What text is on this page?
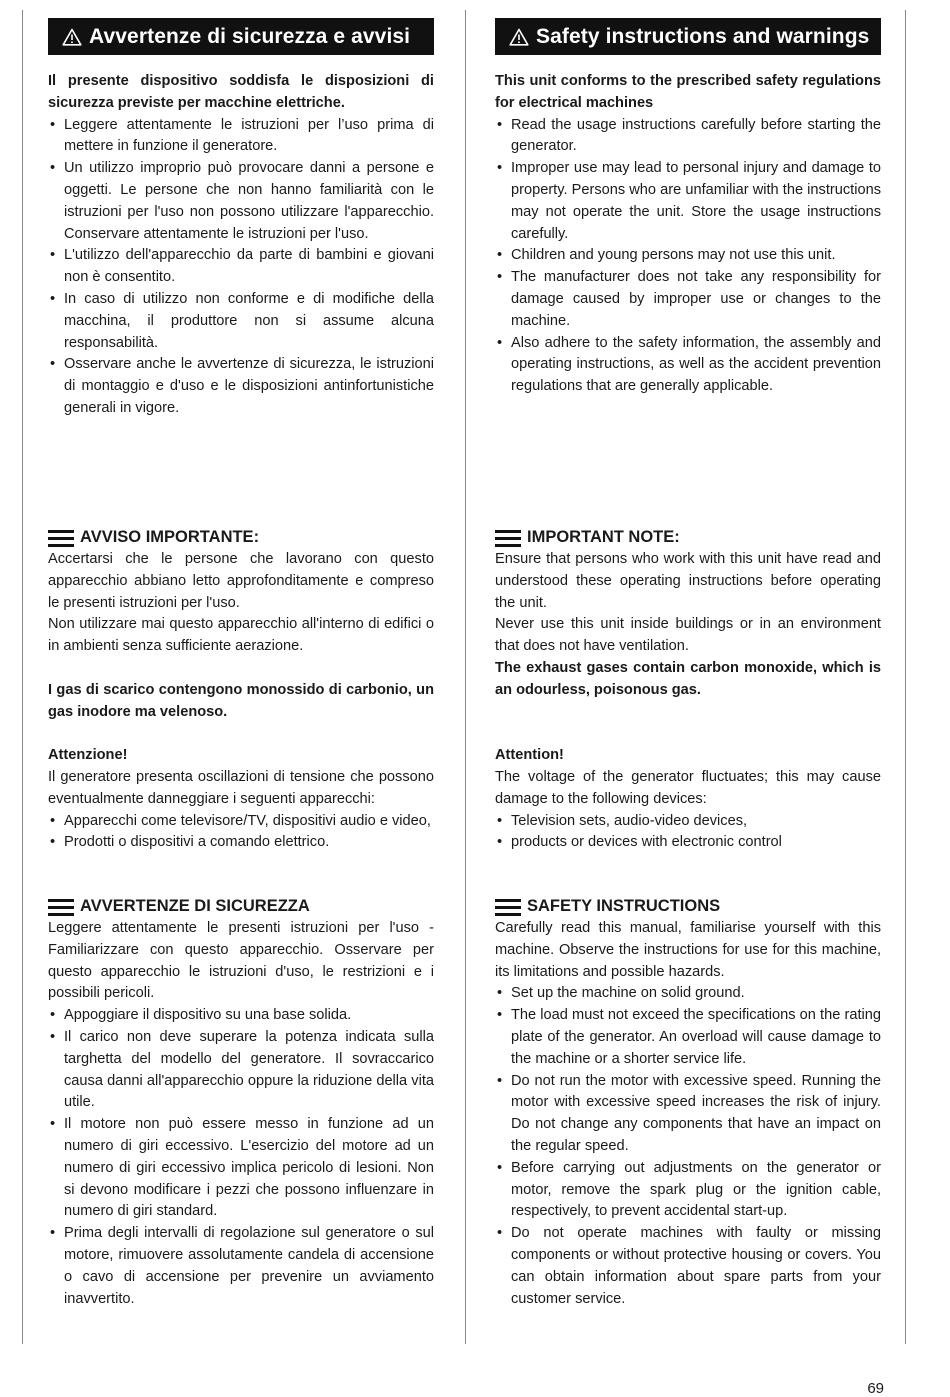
Avvertenze di sicurezza e avvisi

Il presente dispositivo soddisfa le disposizioni di sicurezza previste per macchine elettriche.

• Leggere attentamente le istruzioni per l’uso prima di mettere in funzione il generatore.
• Un utilizzo improprio può provocare danni a persone e oggetti. Le persone che non hanno familiarità con le istruzioni per l'uso non possono utilizzare l'apparecchio. Conservare attentamente le istruzioni per l'uso.
• L'utilizzo dell'apparecchio da parte di bambini e giovani non è consentito.
• In caso di utilizzo non conforme e di modifiche della macchina, il produttore non si assume alcuna responsabilità.
• Osservare anche le avvertenze di sicurezza, le istruzioni di montaggio e d'uso e le disposizioni antinfortunistiche generali in vigore.
AVVISO IMPORTANTE:

Accertarsi che le persone che lavorano con questo apparecchio abbiano letto approfonditamente e compreso le presenti istruzioni per l'uso.

Non utilizzare mai questo apparecchio all'interno di edifici o in ambienti senza sufficiente aerazione.

I gas di scarico contengono monossido di carbonio, un gas inodore ma velenoso.

Attenzione!

Il generatore presenta oscillazioni di tensione che possono eventualmente danneggiare i seguenti apparecchi:

• Apparecchi come televisore/TV, dispositivi audio e video,
• Prodotti o dispositivi a comando elettrico.
AVVERTENZE DI SICUREZZA

Leggere attentamente le presenti istruzioni per l'uso - Familiarizzare con questo apparecchio. Osservare per questo apparecchio le istruzioni d'uso, le restrizioni e i possibili pericoli.

• Appoggiare il dispositivo su una base solida.
• Il carico non deve superare la potenza indicata sulla targhetta del modello del generatore. Il sovraccarico causa danni all'apparecchio oppure la riduzione della vita utile.
• Il motore non può essere messo in funzione ad un numero di giri eccessivo. L'esercizio del motore ad un numero di giri eccessivo implica pericolo di lesioni. Non si devono modificare i pezzi che possono influenzare in numero di giri standard.
• Prima degli intervalli di regolazione sul generatore o sul motore, rimuovere assolutamente candela di accensione o cavo di accensione per prevenire un avviamento inavvertito.
Safety instructions and warnings

This unit conforms to the prescribed safety regulations for electrical machines

• Read the usage instructions carefully before starting the generator.
• Improper use may lead to personal injury and damage to property. Persons who are unfamiliar with the instructions may not operate the unit. Store the usage instructions carefully.
• Children and young persons may not use this unit.
• The manufacturer does not take any responsibility for damage caused by improper use or changes to the machine.
• Also adhere to the safety information, the assembly and operating instructions, as well as the accident prevention regulations that are generally applicable.
IMPORTANT NOTE:

Ensure that persons who work with this unit have read and understood these operating instructions before operating the unit.

Never use this unit inside buildings or in an environment that does not have ventilation.

The exhaust gases contain carbon monoxide, which is an odourless, poisonous gas.

Attention!

The voltage of the generator fluctuates; this may cause damage to the following devices:

• Television sets, audio-video devices,
• products or devices with electronic control
SAFETY INSTRUCTIONS

Carefully read this manual, familiarise yourself with this machine. Observe the instructions for use for this machine, its limitations and possible hazards.

• Set up the machine on solid ground.
• The load must not exceed the specifications on the rating plate of the generator. An overload will cause damage to the machine or a shorter service life.
• Do not run the motor with excessive speed. Running the motor with excessive speed increases the risk of injury. Do not change any components that have an impact on the regular speed.
• Before carrying out adjustments on the generator or motor, remove the spark plug or the ignition cable, respectively, to prevent accidental start-up.
• Do not operate machines with faulty or missing components or without protective housing or covers. You can obtain information about spare parts from your customer service.
69
